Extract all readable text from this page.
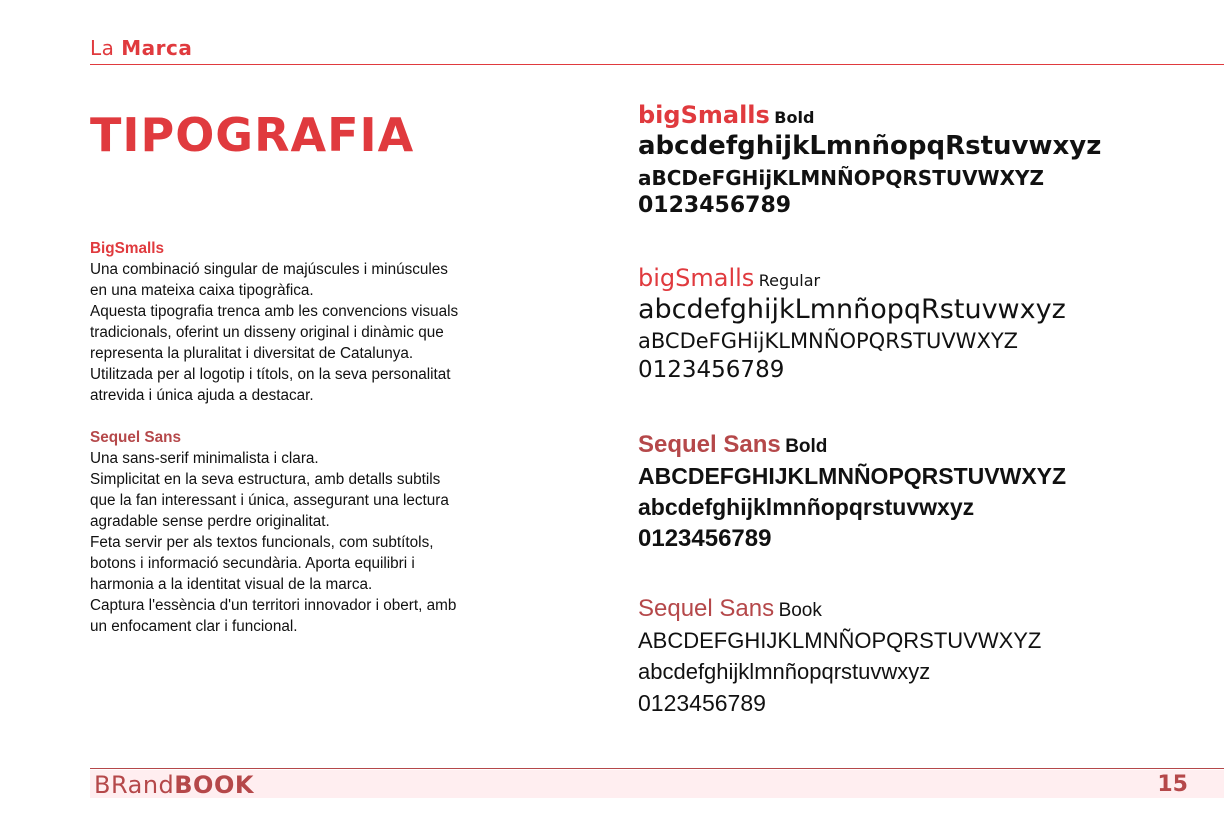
La Marca
TIPOGRAFIA
BigSmalls
Una combinació singular de majúscules i minúscules
en una mateixa caixa tipogràfica.
Aquesta tipografia trenca amb les convencions visuals
tradicionals, oferint un disseny original i dinàmic que
representa la pluralitat i diversitat de Catalunya.
Utilitzada per al logotip i títols, on la seva personalitat
atrevida i única ajuda a destacar.
Sequel Sans
Una sans-serif minimalista i clara.
Simplicitat en la seva estructura, amb detalls subtils
que la fan interessant i única, assegurant una lectura
agradable sense perdre originalitat.
Feta servir per als textos funcionals, com subtítols,
botons i informació secundària. Aporta equilibri i
harmonia a la identitat visual de la marca.
Captura l'essència d'un territori innovador i obert, amb
un enfocament clar i funcional.
bigSmalls Bold
abcdefghijkLmnñopqRstuvwxyz
aBCDeFGHijKLMNÑOPQRSTUVWXYZ
0123456789
bigSmalls Regular
abcdefghijkLmnñopqRstuvwxyz
aBCDeFGHijKLMNÑOPQRSTUVWXYZ
0123456789
Sequel Sans Bold
ABCDEFGHIJKLMNÑOPQRSTUVWXYZ
abcdefghijklmnñopqrstuvwxyz
0123456789
Sequel Sans Book
ABCDEFGHIJKLMNÑOPQRSTUVWXYZ
abcdefghijklmnñopqrstuvwxyz
0123456789
BRandBOOK	15
